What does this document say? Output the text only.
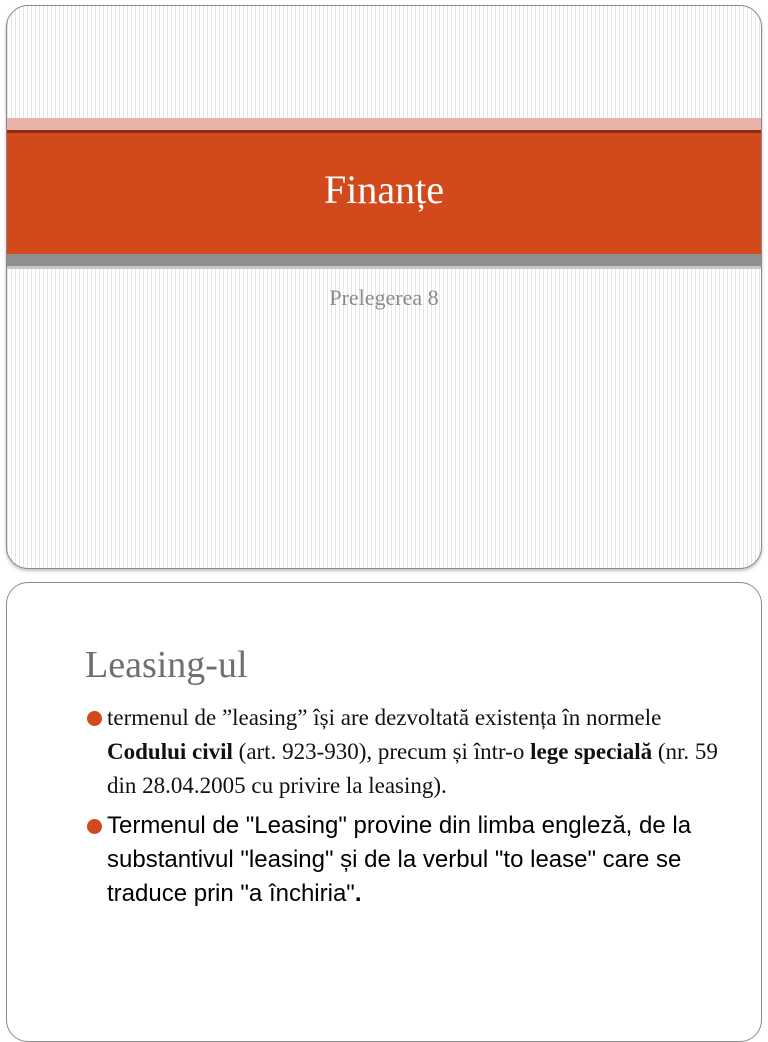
Finanțe
Prelegerea 8
Leasing-ul
termenul de ”leasing” își are dezvoltată existența în normele Codului civil (art. 923-930), precum și într-o lege specială (nr. 59 din 28.04.2005 cu privire la leasing).
Termenul de "Leasing" provine din limba engleză, de la substantivul "leasing" și de la verbul "to lease" care se traduce prin "a închiria".
